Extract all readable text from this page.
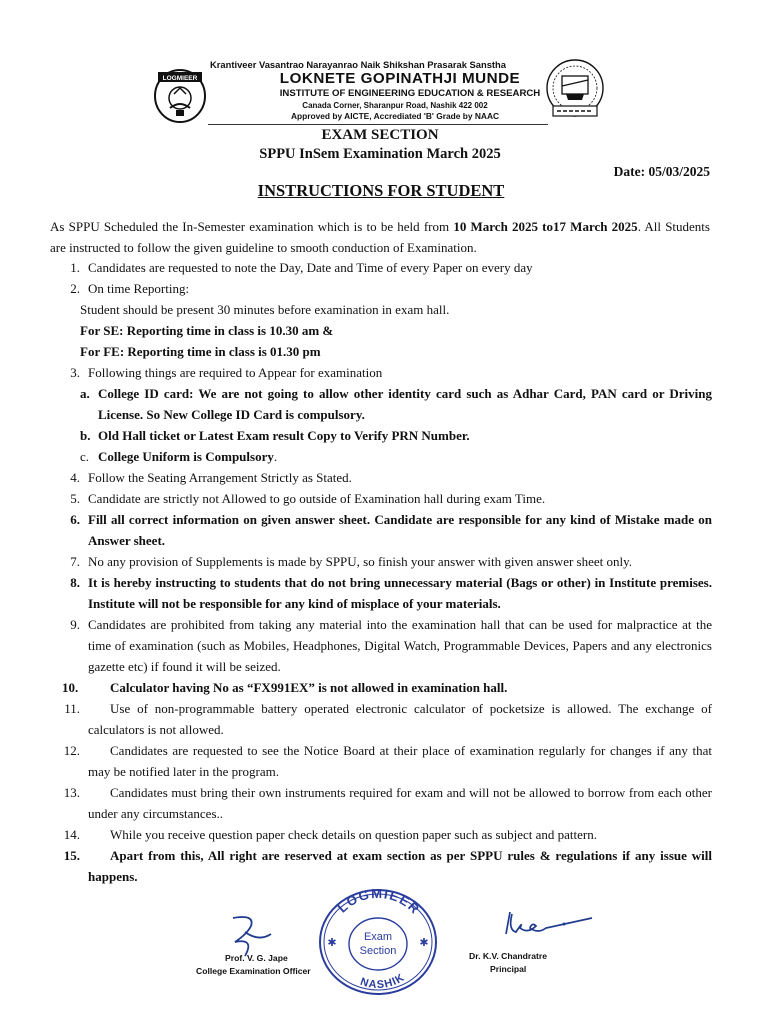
LOGMIEER
Krantiveer Vasantrao Narayanrao Naik Shikshan Prasarak Sanstha
LOKNETE GOPINATHJI MUNDE
INSTITUTE OF ENGINEERING EDUCATION & RESEARCH
Canada Corner, Sharanpur Road, Nashik 422 002
Approved by AICTE, Accrediated 'B' Grade by NAAC
EXAM SECTION
SPPU InSem Examination March 2025
Date: 05/03/2025
INSTRUCTIONS FOR STUDENT
As SPPU Scheduled the In-Semester examination which is to be held from 10 March 2025 to17 March 2025. All Students are instructed to follow the given guideline to smooth conduction of Examination.
1. Candidates are requested to note the Day, Date and Time of every Paper on every day
2. On time Reporting:
Student should be present 30 minutes before examination in exam hall.
For SE: Reporting time in class is 10.30 am &
For FE: Reporting time in class is 01.30 pm
3. Following things are required to Appear for examination
a. College ID card: We are not going to allow other identity card such as Adhar Card, PAN card or Driving License. So New College ID Card is compulsory.
b. Old Hall ticket or Latest Exam result Copy to Verify PRN Number.
c. College Uniform is Compulsory.
4. Follow the Seating Arrangement Strictly as Stated.
5. Candidate are strictly not Allowed to go outside of Examination hall during exam Time.
6. Fill all correct information on given answer sheet. Candidate are responsible for any kind of Mistake made on Answer sheet.
7. No any provision of Supplements is made by SPPU, so finish your answer with given answer sheet only.
8. It is hereby instructing to students that do not bring unnecessary material (Bags or other) in Institute premises. Institute will not be responsible for any kind of misplace of your materials.
9. Candidates are prohibited from taking any material into the examination hall that can be used for malpractice at the time of examination (such as Mobiles, Headphones, Digital Watch, Programmable Devices, Papers and any electronics gazette etc) if found it will be seized.
10.	Calculator having No as “FX991EX” is not allowed in examination hall.
11.	Use of non-programmable battery operated electronic calculator of pocketsize is allowed. The exchange of calculators is not allowed.
12.	Candidates are requested to see the Notice Board at their place of examination regularly for changes if any that may be notified later in the program.
13.	Candidates must bring their own instruments required for exam and will not be allowed to borrow from each other under any circumstances..
14.	While you receive question paper check details on question paper such as subject and pattern.
15.	Apart from this, All right are reserved at exam section as per SPPU rules & regulations if any issue will happens.
Prof. V. G. Jape
College Examination Officer
LOGMIEER
NASHIK
Exam
Section
✱	✱
Dr. K.V. Chandratre
Principal
